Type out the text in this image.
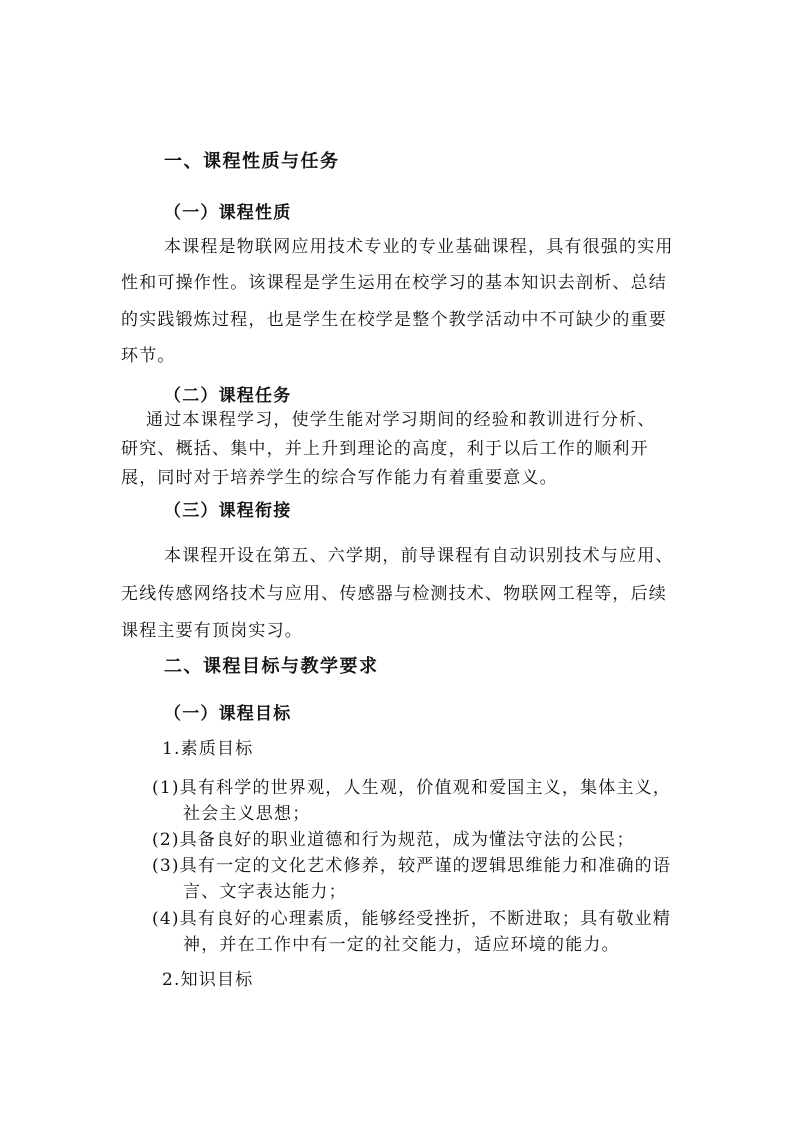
一、课程性质与任务
（一）课程性质
本课程是物联网应用技术专业的专业基础课程，具有很强的实用
性和可操作性。该课程是学生运用在校学习的基本知识去剖析、总结
的实践锻炼过程，也是学生在校学是整个教学活动中不可缺少的重要
环节。
（二）课程任务
通过本课程学习，使学生能对学习期间的经验和教训进行分析、
研究、概括、集中，并上升到理论的高度，利于以后工作的顺利开
展，同时对于培养学生的综合写作能力有着重要意义。
（三）课程衔接
本课程开设在第五、六学期，前导课程有自动识别技术与应用、
无线传感网络技术与应用、传感器与检测技术、物联网工程等，后续
课程主要有顶岗实习。
二、课程目标与教学要求
（一）课程目标
1.素质目标
(1)具有科学的世界观，人生观，价值观和爱国主义，集体主义，
社会主义思想；
(2)具备良好的职业道德和行为规范，成为懂法守法的公民；
(3)具有一定的文化艺术修养，较严谨的逻辑思维能力和准确的语
言、文字表达能力；
(4)具有良好的心理素质，能够经受挫折，不断进取；具有敬业精
神，并在工作中有一定的社交能力，适应环境的能力。
2.知识目标
